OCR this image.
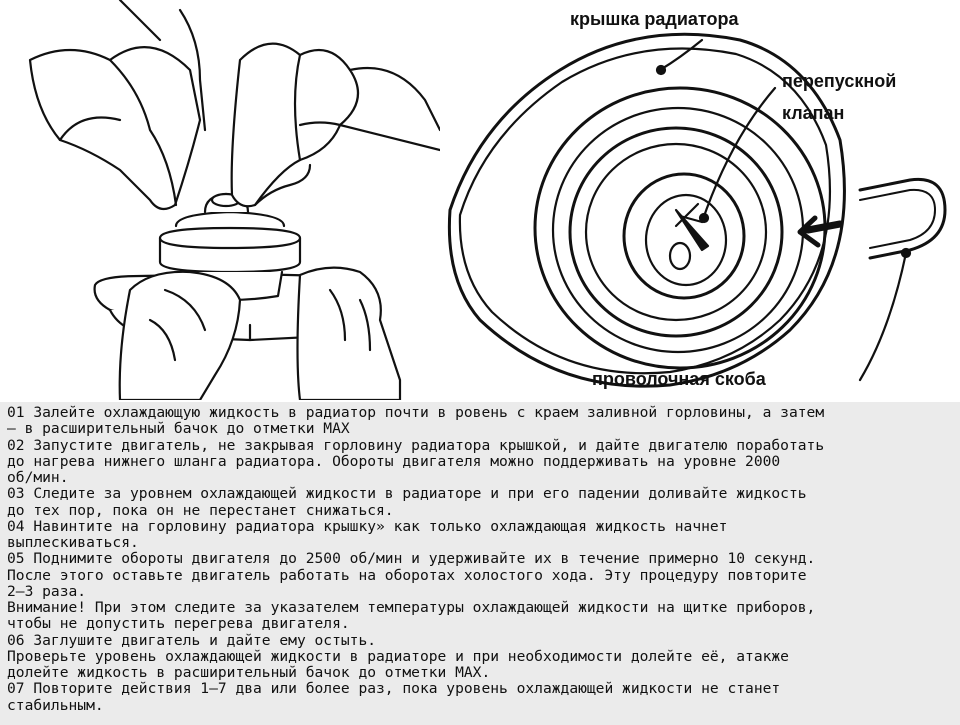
крышка радиатора
перепускной
клапан
проволочная скоба

01 Залейте охлаждающую жидкость в радиатор почти в ровень с краем заливной горловины, а затем
– в расширительный бачок до отметки MAX

02 Запустите двигатель, не закрывая горловину радиатора крышкой, и дайте двигателю поработать
до нагрева нижнего шланга радиатора. Обороты двигателя можно поддерживать на уровне 2000
об/мин.

03 Следите за уровнем охлаждающей жидкости в радиаторе и при его падении доливайте жидкость
до тех пор, пока он не перестанет снижаться.

04 Навинтите на горловину радиатора крышку» как только охлаждающая жидкость начнет
выплескиваться.

05 Поднимите обороты двигателя до 2500 об/мин и удерживайте их в течение примерно 10 секунд.
После этого оставьте двигатель работать на оборотах холостого хода. Эту процедуру повторите
2–3 раза.

Внимание! При этом следите за указателем температуры охлаждающей жидкости на щитке приборов,
чтобы не допустить перегрева двигателя.

06 Заглушите двигатель и дайте ему остыть.

Проверьте уровень охлаждающей жидкости в радиаторе и при необходимости долейте её, атакже
долейте жидкость в расширительный бачок до отметки MAX.

07 Повторите действия 1–7 два или более раз, пока уровень охлаждающей жидкости не станет
стабильным.
